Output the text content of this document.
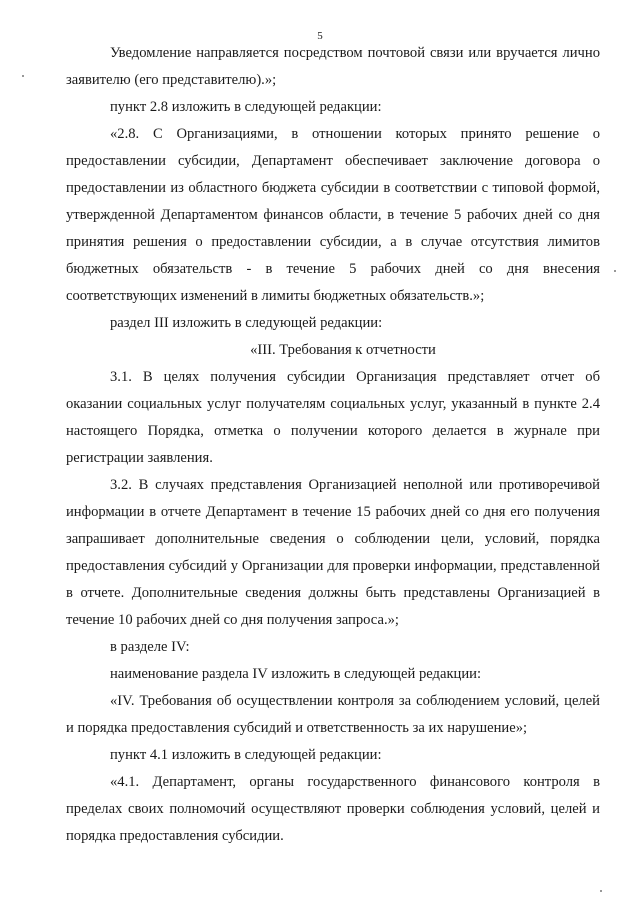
5

Уведомление направляется посредством почтовой связи или вручается лично заявителю (его представителю).»;

пункт 2.8 изложить в следующей редакции:

«2.8. С Организациями, в отношении которых принято решение о предоставлении субсидии, Департамент обеспечивает заключение договора о предоставлении из областного бюджета субсидии в соответствии с типовой формой, утвержденной Департаментом финансов области, в течение 5 рабочих дней со дня принятия решения о предоставлении субсидии, а в случае отсутствия лимитов бюджетных обязательств - в течение 5 рабочих дней со дня внесения соответствующих изменений в лимиты бюджетных обязательств.»;

раздел III изложить в следующей редакции:

«III. Требования к отчетности

3.1. В целях получения субсидии Организация представляет отчет об оказании социальных услуг получателям социальных услуг, указанный в пункте 2.4 настоящего Порядка, отметка о получении которого делается в журнале при регистрации заявления.

3.2. В случаях представления Организацией неполной или противоречивой информации в отчете Департамент в течение 15 рабочих дней со дня его получения запрашивает дополнительные сведения о соблюдении цели, условий, порядка предоставления субсидий у Организации для проверки информации, представленной в отчете. Дополнительные сведения должны быть представлены Организацией в течение 10 рабочих дней со дня получения запроса.»;

в разделе IV:

наименование раздела IV изложить в следующей редакции:

«IV. Требования об осуществлении контроля за соблюдением условий, целей и порядка предоставления субсидий и ответственность за их нарушение»;

пункт 4.1 изложить в следующей редакции:

«4.1. Департамент, органы государственного финансового контроля в пределах своих полномочий осуществляют проверки соблюдения условий, целей и порядка предоставления субсидии.
